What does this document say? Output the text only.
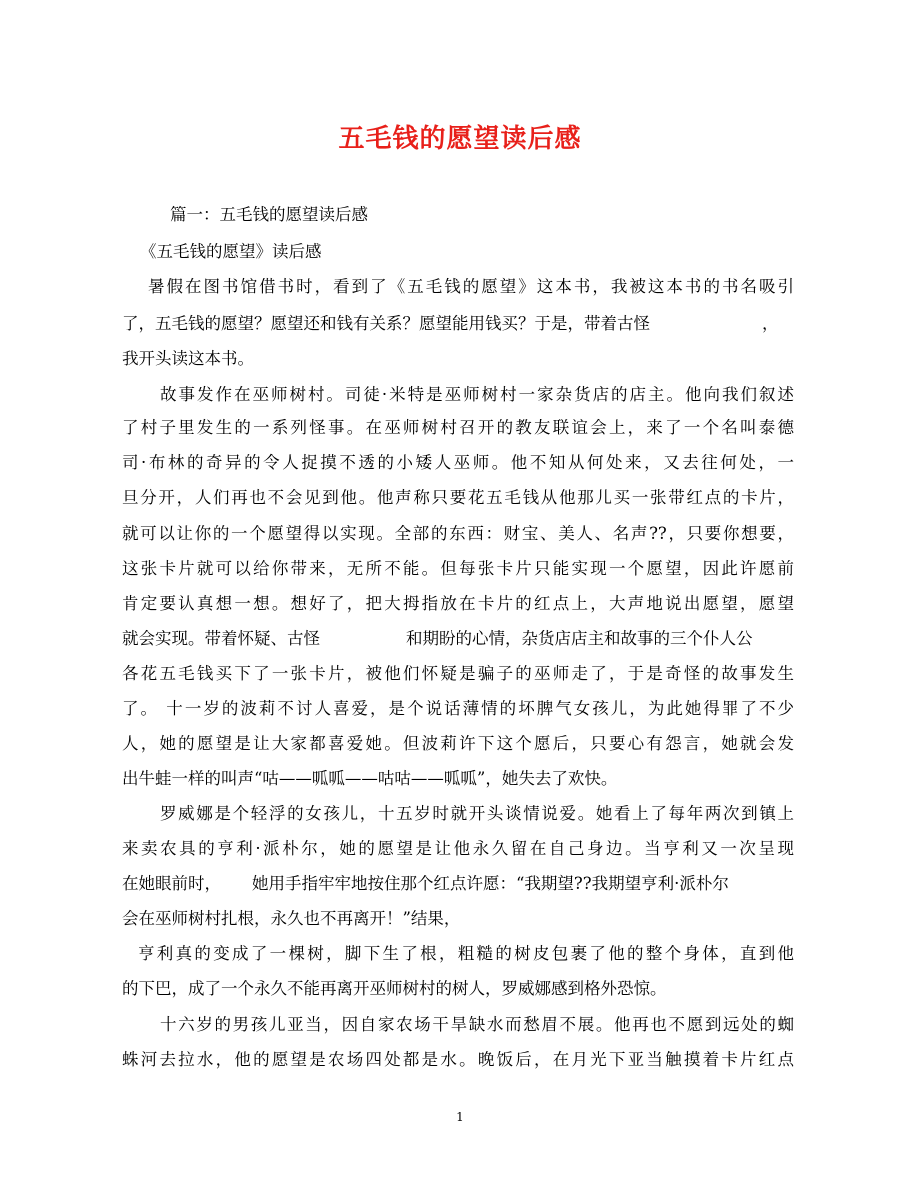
五毛钱的愿望读后感
篇一：五毛钱的愿望读后感
《五毛钱的愿望》读后感
暑假在图书馆借书时，看到了《五毛钱的愿望》这本书，我被这本书的书名吸引
了，五毛钱的愿望？愿望还和钱有关系？愿望能用钱买？于是，带着古怪	，
我开头读这本书。
故事发作在巫师树村。司徒·米特是巫师树村一家杂货店的店主。他向我们叙述
了村子里发生的一系列怪事。在巫师树村召开的教友联谊会上，来了一个名叫泰德
司·布林的奇异的令人捉摸不透的小矮人巫师。他不知从何处来，又去往何处，一
旦分开，人们再也不会见到他。他声称只要花五毛钱从他那儿买一张带红点的卡片，
就可以让你的一个愿望得以实现。全部的东西：财宝、美人、名声??，只要你想要，
这张卡片就可以给你带来，无所不能。但每张卡片只能实现一个愿望，因此许愿前
肯定要认真想一想。想好了，把大拇指放在卡片的红点上，大声地说出愿望，愿望
就会实现。带着怀疑、古怪	和期盼的心情，杂货店店主和故事的三个仆人公
各花五毛钱买下了一张卡片，被他们怀疑是骗子的巫师走了，于是奇怪的故事发生
了。 十一岁的波莉不讨人喜爱，是个说话薄情的坏脾气女孩儿，为此她得罪了不少
人，她的愿望是让大家都喜爱她。但波莉许下这个愿后，只要心有怨言，她就会发
出牛蛙一样的叫声“咕——呱呱——咕咕——呱呱”，她失去了欢快。
罗威娜是个轻浮的女孩儿，十五岁时就开头谈情说爱。她看上了每年两次到镇上
来卖农具的亨利·派朴尔，她的愿望是让他永久留在自己身边。当亨利又一次呈现
在她眼前时， 她用手指牢牢地按住那个红点许愿：“我期望??我期望亨利·派朴尔
会在巫师树村扎根，永久也不再离开！”结果，
亨利真的变成了一棵树，脚下生了根，粗糙的树皮包裹了他的整个身体，直到他
的下巴，成了一个永久不能再离开巫师树村的树人，罗威娜感到格外恐惊。
十六岁的男孩儿亚当，因自家农场干旱缺水而愁眉不展。他再也不愿到远处的蜘
蛛河去拉水，他的愿望是农场四处都是水。晚饭后，在月光下亚当触摸着卡片红点
1
